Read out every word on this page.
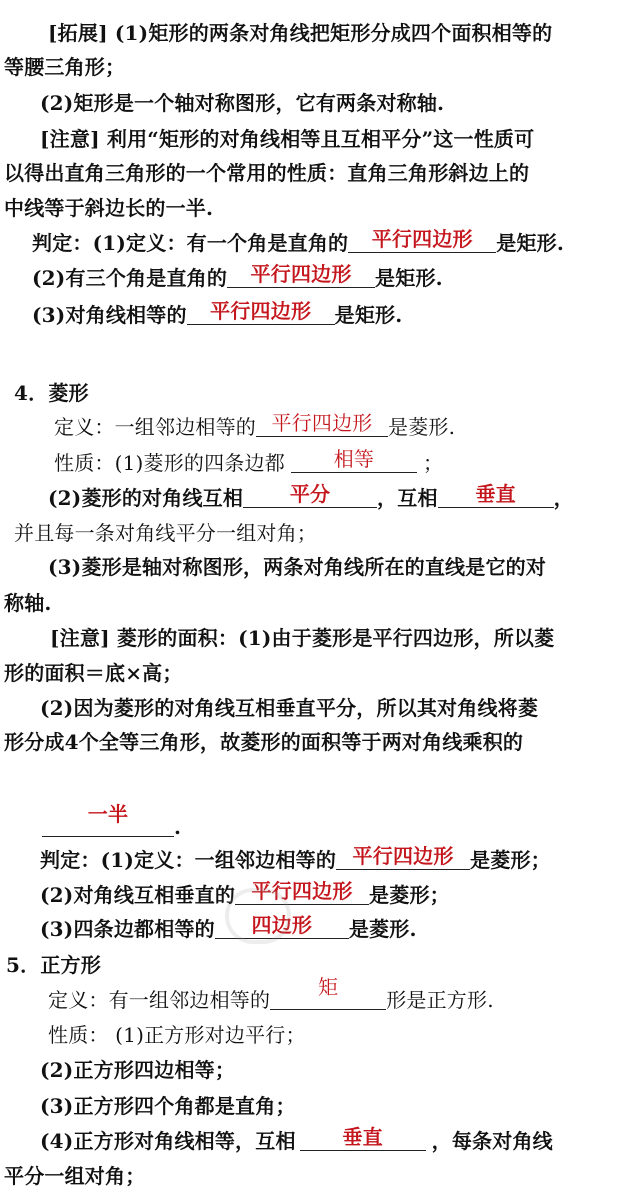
[拓展] (1)矩形的两条对角线把矩形分成四个面积相等的
等腰三角形；
(2)矩形是一个轴对称图形，它有两条对称轴.
[注意] 利用“矩形的对角线相等且互相平分”这一性质可
以得出直角三角形的一个常用的性质：直角三角形斜边上的
中线等于斜边长的一半.
判定：(1)定义：有一个角是直角的	平行四边形	是矩形.
(2)有三个角是直角的	平行四边形	是矩形.
(3)对角线相等的	平行四边形	是矩形.
4．菱形
定义：一组邻边相等的 平行四边形 是菱形.
性质：(1)菱形的四条边都	相等	；
(2)菱形的对角线互相	平分	，互相	垂直	，
并且每一条对角线平分一组对角；
(3)菱形是轴对称图形，两条对角线所在的直线是它的对
称轴.
[注意] 菱形的面积：(1)由于菱形是平行四边形，所以菱
形的面积＝底×高；
(2)因为菱形的对角线互相垂直平分，所以其对角线将菱
形分成4个全等三角形，故菱形的面积等于两对角线乘积的
一半
.
判定：(1)定义：一组邻边相等的 平行四边形 是菱形；
(2)对角线互相垂直的 平行四边形 是菱形；
(3)四条边都相等的	四边形	是菱形.
5．正方形
定义：有一组邻边相等的
矩
形是正方形.
性质： (1)正方形对边平行；
(2)正方形四边相等；
(3)正方形四个角都是直角；
(4)正方形对角线相等，互相	垂直	，每条对角线
平分一组对角；
